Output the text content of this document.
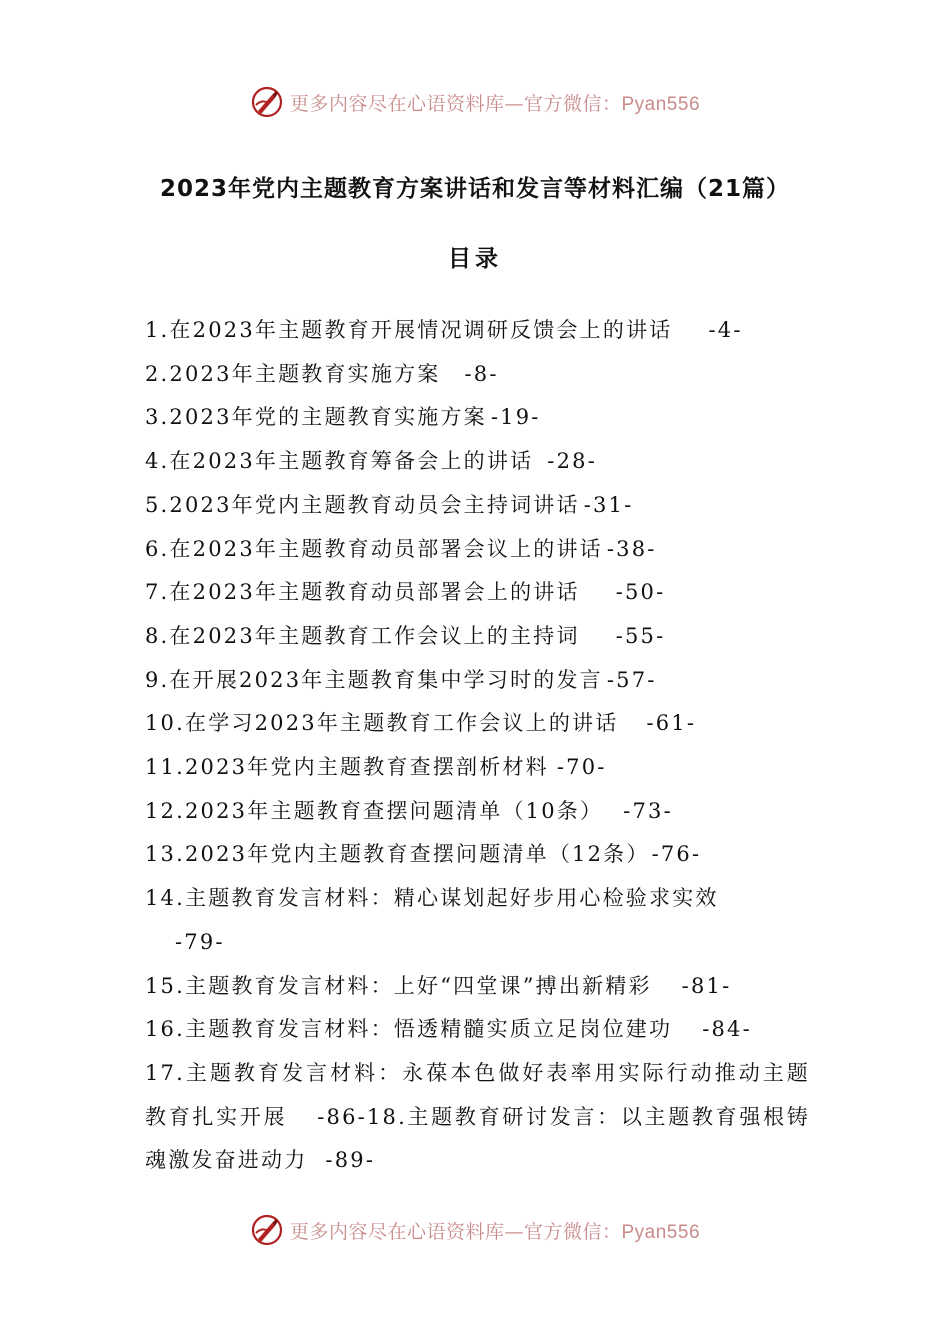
更多内容尽在心语资料库—官方微信：Pyan556
2023年党内主题教育方案讲话和发言等材料汇编（21篇）
目录
1.在2023年主题教育开展情况调研反馈会上的讲话 -4-
2.2023年主题教育实施方案 -8-
3.2023年党的主题教育实施方案 -19-
4.在2023年主题教育筹备会上的讲话 -28-
5.2023年党内主题教育动员会主持词讲话 -31-
6.在2023年主题教育动员部署会议上的讲话 -38-
7.在2023年主题教育动员部署会上的讲话 -50-
8.在2023年主题教育工作会议上的主持词 -55-
9.在开展2023年主题教育集中学习时的发言 -57-
10.在学习2023年主题教育工作会议上的讲话 -61-
11.2023年党内主题教育查摆剖析材料 -70-
12.2023年主题教育查摆问题清单（10条） -73-
13.2023年党内主题教育查摆问题清单（12条）-76-
14.主题教育发言材料：精心谋划起好步用心检验求实效
-79-
15.主题教育发言材料：上好“四堂课”搏出新精彩 -81-
16.主题教育发言材料：悟透精髓实质立足岗位建功 -84-
17.主题教育发言材料：永葆本色做好表率用实际行动推动主题教育扎实开展 -86-18.主题教育研讨发言：以主题教育强根铸魂激发奋进动力 -89-
更多内容尽在心语资料库—官方微信：Pyan556
